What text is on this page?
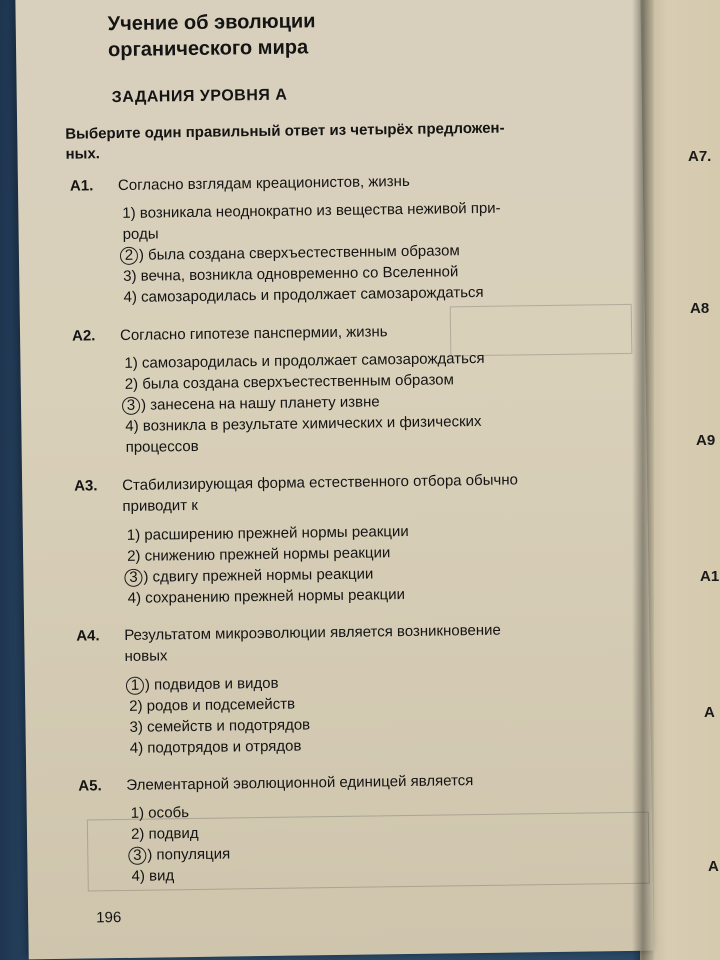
А7.
А8
А9
А1
А
А
Учение об эволюции
органического мира
ЗАДАНИЯ УРОВНЯ А
Выберите один правильный ответ из четырёх предложен-
ных.
А1. Согласно взглядам креационистов, жизнь
1) возникала неоднократно из вещества неживой при-
роды
2 ) была создана сверхъестественным образом
3) вечна, возникла одновременно со Вселенной
4) самозародилась и продолжает самозарождаться
А2. Согласно гипотезе панспермии, жизнь
1) самозародилась и продолжает самозарождаться
2) была создана сверхъестественным образом
3 ) занесена на нашу планету извне
4) возникла в результате химических и физических
процессов
А3. Стабилизирующая форма естественного отбора обычно
приводит к
1) расширению прежней нормы реакции
2) снижению прежней нормы реакции
3 ) сдвигу прежней нормы реакции
4) сохранению прежней нормы реакции
А4. Результатом микроэволюции является возникновение
новых
1 ) подвидов и видов
2) родов и подсемейств
3) семейств и подотрядов
4) подотрядов и отрядов
А5. Элементарной эволюционной единицей является
1) особь
2) подвид
3 ) популяция
4) вид
196
